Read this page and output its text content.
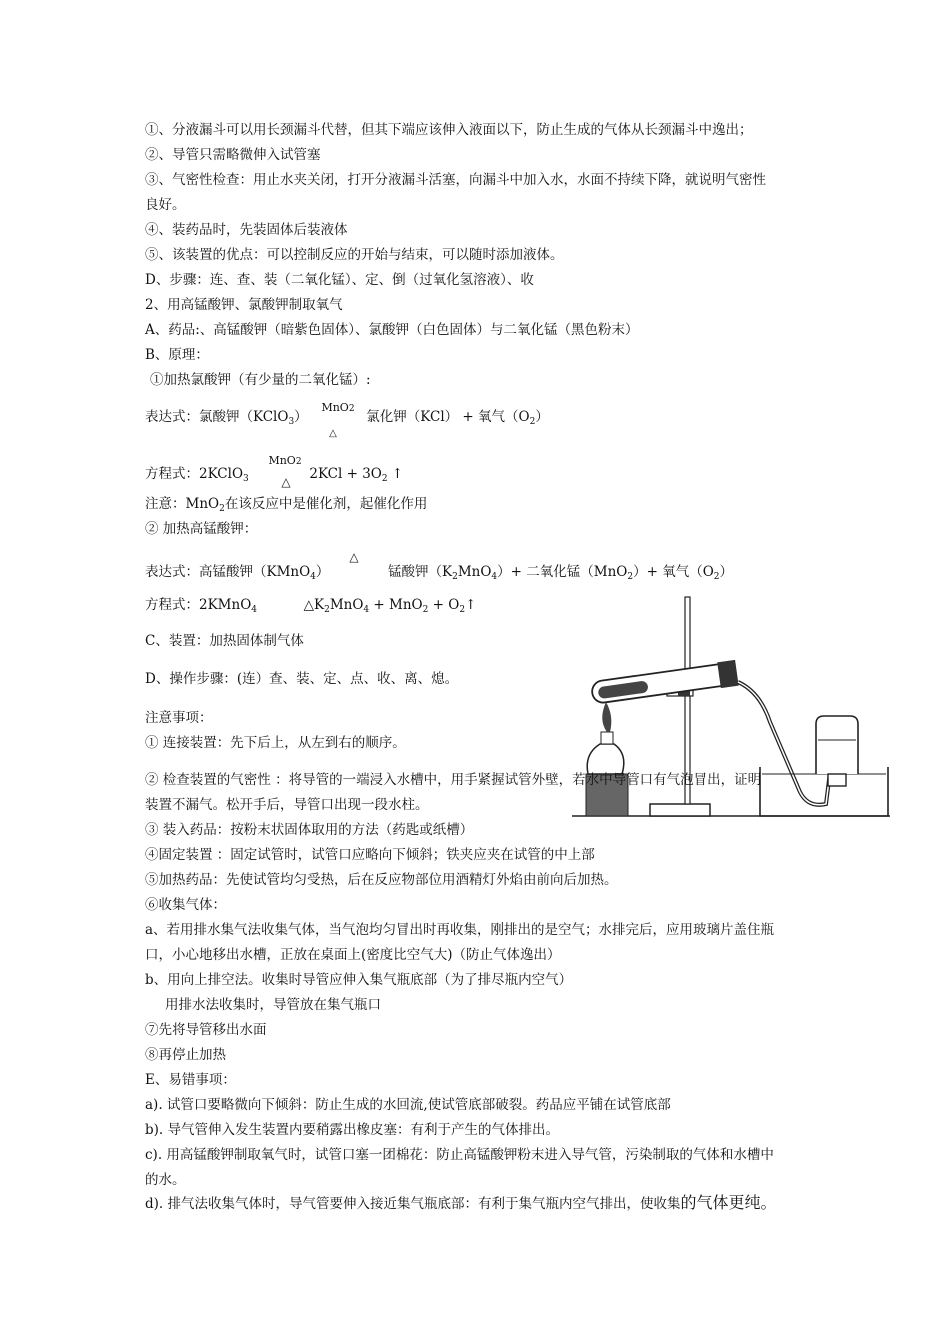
①、分液漏斗可以用长颈漏斗代替，但其下端应该伸入液面以下，防止生成的气体从长颈漏斗中逸出；
②、导管只需略微伸入试管塞
③、气密性检查：用止水夹关闭，打开分液漏斗活塞，向漏斗中加入水，水面不持续下降，就说明气密性
良好。
④、装药品时，先装固体后装液体
⑤、该装置的优点：可以控制反应的开始与结束，可以随时添加液体。
D、步骤：连、查、装（二氧化锰）、定、倒（过氧化氢溶液）、收
2、用高锰酸钾、氯酸钾制取氧气
A、药品:、高锰酸钾（暗紫色固体）、氯酸钾（白色固体）与二氧化锰（黑色粉末）
B、原理：
①加热氯酸钾（有少量的二氧化锰）:
表达式：氯酸钾（KClO$_3$）	氯化钾（KCl） + 氧气$(O_2)$
MnO2
△
方程式：2KClO$_3$	$2KCl + 3O_2$ ↑
MnO2
△
注意：MnO$_2$在该反应中是催化剂，起催化作用
② 加热高锰酸钾：
△
表达式：高锰酸钾（KMnO$_4$）	锰酸钾$(K_2MnO_4)+$ 二氧化锰（MnO$_2$）+ 氧气$(O_2)$
方程式：2KMnO$_4$	$\triangle K_2MnO_4 + MnO_2$ + $O_2↑$
C、装置：加热固体制气体
D、操作步骤：(连）查、装、定、点、收、离、熄。
注意事项：
① 连接装置：先下后上，从左到右的顺序。
② 检查装置的气密性 ：将导管的一端浸入水槽中，用手紧握试管外壁，若水中导管口有气泡冒出，证明
装置不漏气。松开手后，导管口出现一段水柱。
③ 装入药品：按粉末状固体取用的方法（药匙或纸槽）
④固定装置 ：固定试管时，试管口应略向下倾斜；铁夹应夹在试管的中上部
⑤加热药品：先使试管均匀受热，后在反应物部位用酒精灯外焰由前向后加热。
⑥收集气体：
a、若用排水集气法收集气体，当气泡均匀冒出时再收集，刚排出的是空气；水排完后，应用玻璃片盖住瓶
口，小心地移出水槽，正放在桌面上(密度比空气大)（防止气体逸出）
b、用向上排空法。收集时导管应伸入集气瓶底部（为了排尽瓶内空气）
用排水法收集时，导管放在集气瓶口
⑦先将导管移出水面
⑧再停止加热
E、易错事项：
a). 试管口要略微向下倾斜：防止生成的水回流,使试管底部破裂。药品应平铺在试管底部
b). 导气管伸入发生装置内要稍露出橡皮塞：有利于产生的气体排出。
c). 用高锰酸钾制取氧气时，试管口塞一团棉花：防止高锰酸钾粉末进入导气管，污染制取的气体和水槽中
的水。
d). 排气法收集气体时，导气管要伸入接近集气瓶底部：有利于集气瓶内空气排出，使收集的气体更纯。
